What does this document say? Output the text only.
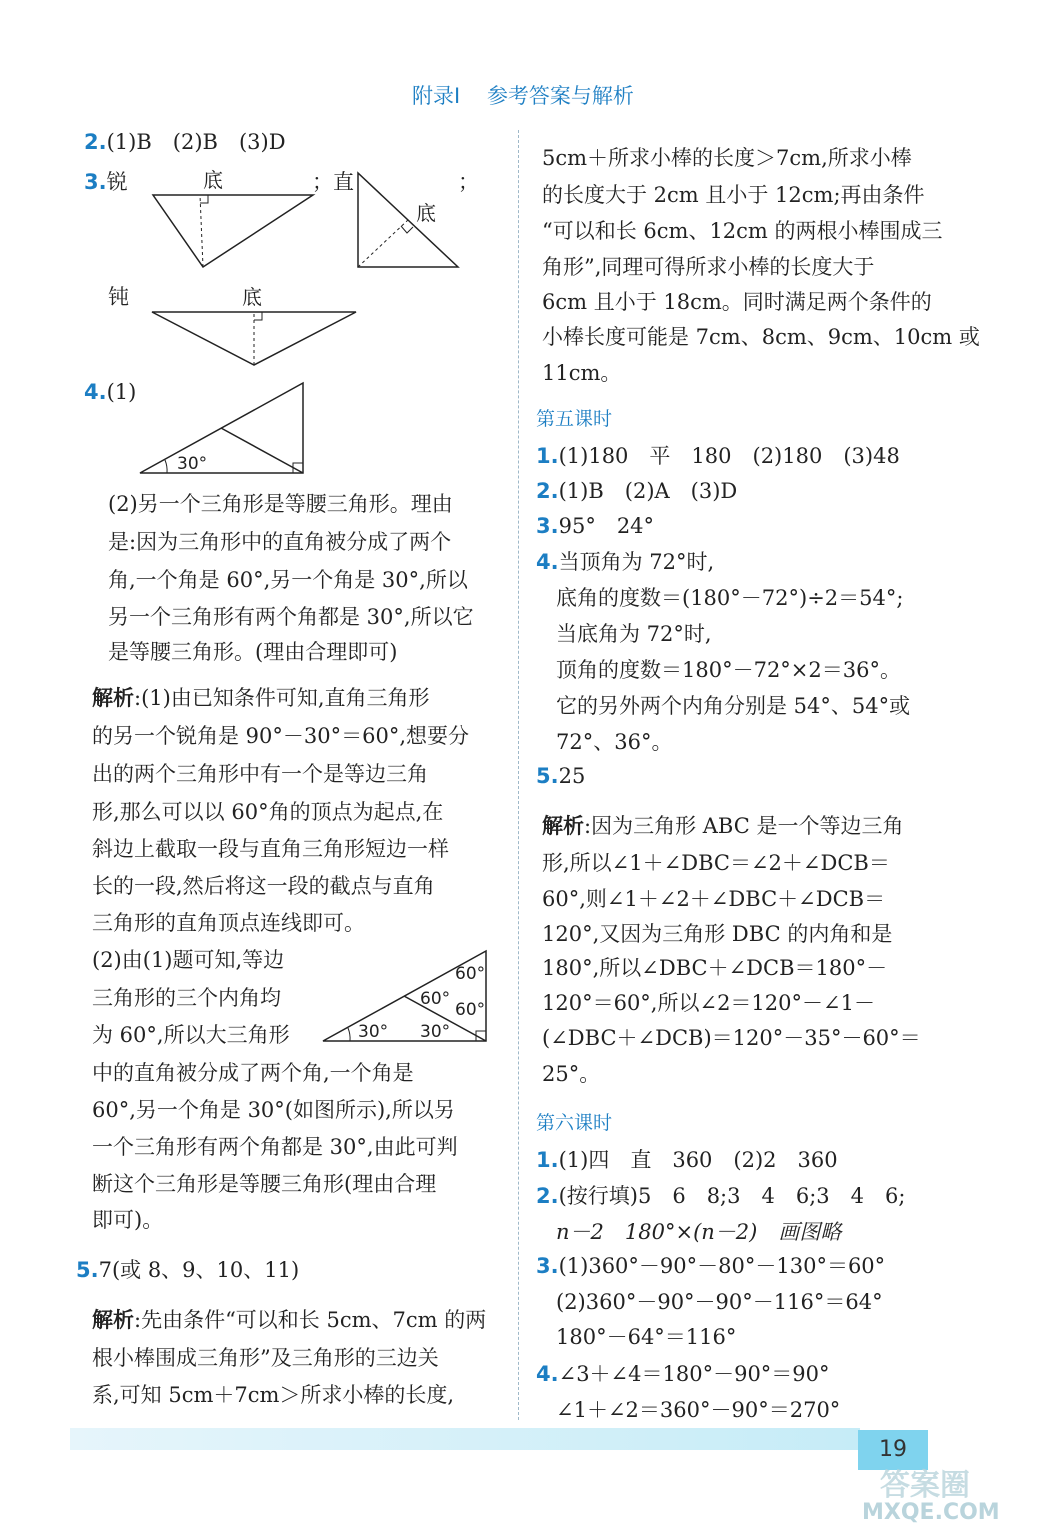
附录Ⅰ 参考答案与解析
2.(1)B　(2)B　(3)D
3.锐	；直	；
钝
底
底
底
4.(1)
30°
(2)另一个三角形是等腰三角形。理由
是:因为三角形中的直角被分成了两个
角,一个角是 60°,另一个角是 30°,所以
另一个三角形有两个角都是 30°,所以它
是等腰三角形。(理由合理即可)
解析:(1)由已知条件可知,直角三角形
的另一个锐角是 90°－30°＝60°,想要分
出的两个三角形中有一个是等边三角
形,那么可以以 60°角的顶点为起点,在
斜边上截取一段与直角三角形短边一样
长的一段,然后将这一段的截点与直角
三角形的直角顶点连线即可。
(2)由(1)题可知,等边
三角形的三个内角均
为 60°,所以大三角形
中的直角被分成了两个角,一个角是
60°,另一个角是 30°(如图所示),所以另
一个三角形有两个角都是 30°,由此可判
断这个三角形是等腰三角形(理由合理
即可)。
30° 30°
60°
60°
60°
5.7(或 8、9、10、11)
解析:先由条件“可以和长 5cm、7cm 的两
根小棒围成三角形”及三角形的三边关
系,可知 5cm＋7cm＞所求小棒的长度,
5cm＋所求小棒的长度＞7cm,所求小棒
的长度大于 2cm 且小于 12cm;再由条件
“可以和长 6cm、12cm 的两根小棒围成三
角形”,同理可得所求小棒的长度大于
6cm 且小于 18cm。同时满足两个条件的
小棒长度可能是 7cm、8cm、9cm、10cm 或
11cm。
第五课时
1.(1)180　平　180　(2)180　(3)48
2.(1)B　(2)A　(3)D
3.95°　24°
4.当顶角为 72°时,
底角的度数＝(180°－72°)÷2＝54°;
当底角为 72°时,
顶角的度数＝180°－72°×2＝36°。
它的另外两个内角分别是 54°、54°或
72°、36°。
5.25
解析:因为三角形 ABC 是一个等边三角
形,所以∠1＋∠DBC＝∠2＋∠DCB＝
60°,则∠1＋∠2＋∠DBC＋∠DCB＝
120°,又因为三角形 DBC 的内角和是
180°,所以∠DBC＋∠DCB＝180°－
120°＝60°,所以∠2＝120°－∠1－
(∠DBC＋∠DCB)＝120°－35°－60°＝
25°。
第六课时
1.(1)四　直　360　(2)2　360
2.(按行填)5　6　8;3　4　6;3　4　6;
n－2　180°×(n－2)　画图略
3.(1)360°－90°－80°－130°＝60°
(2)360°－90°－90°－116°＝64°
180°－64°＝116°
4.∠3＋∠4＝180°－90°＝90°
∠1＋∠2＝360°－90°＝270°
19
答案圈
MXQE.COM
